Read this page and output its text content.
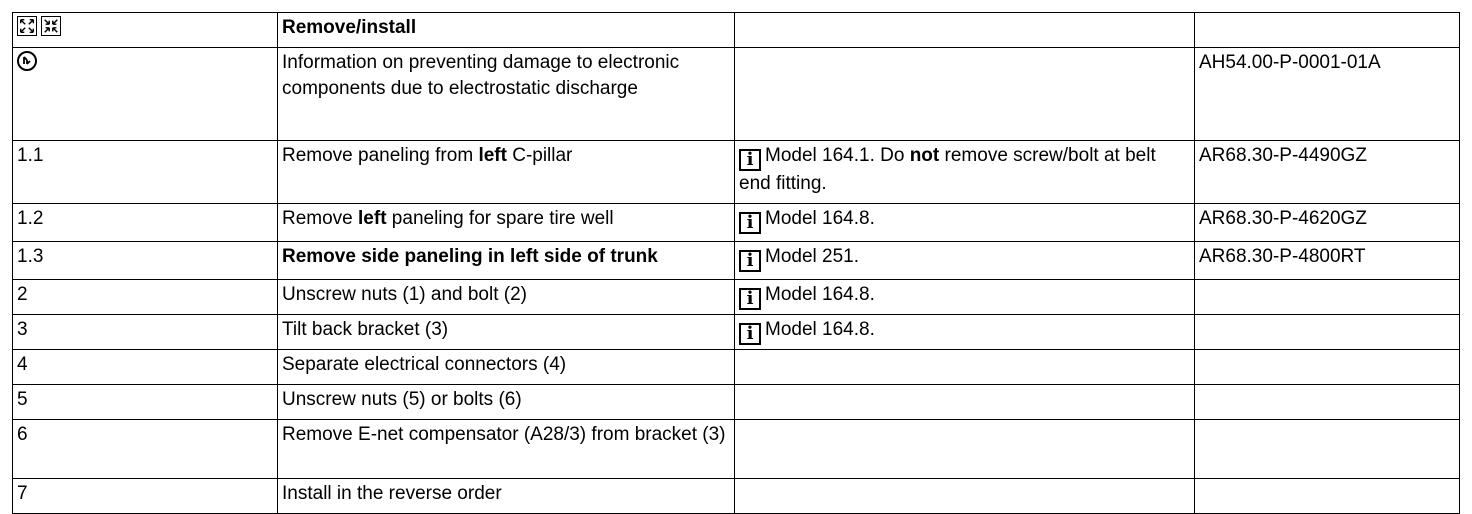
	Remove/install		

	Information on preventing damage to electronic components due to electrostatic discharge		AH54.00-P-0001-01A
1.1	Remove paneling from left C-pillar	i Model 164.1. Do not remove screw/bolt at belt end fitting.	AR68.30-P-4490GZ
1.2	Remove left paneling for spare tire well	i Model 164.8.	AR68.30-P-4620GZ
1.3	Remove side paneling in left side of trunk	i Model 251.	AR68.30-P-4800RT
2	Unscrew nuts (1) and bolt (2)	i Model 164.8.	
3	Tilt back bracket (3)	i Model 164.8.	
4	Separate electrical connectors (4)		
5	Unscrew nuts (5) or bolts (6)		
6	Remove E-net compensator (A28/3) from bracket (3)		
7	Install in the reverse order		
